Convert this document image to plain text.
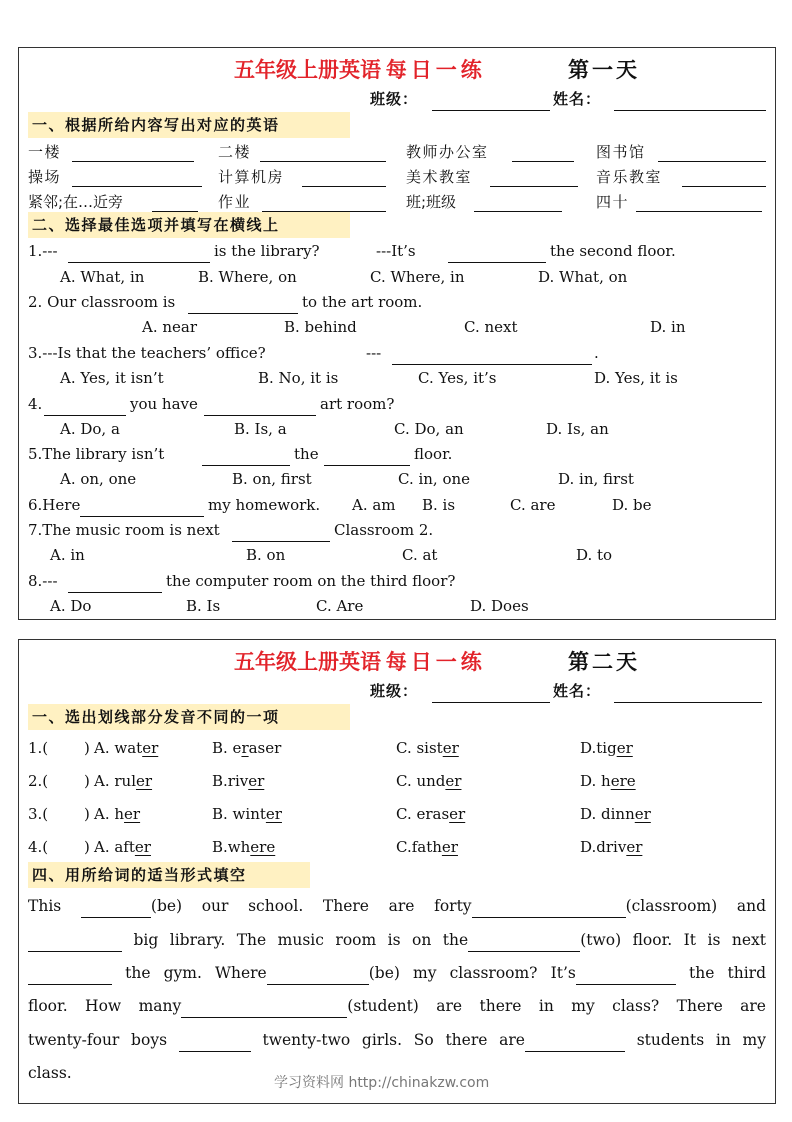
五年级上册英语 每日一练	第一天
班级：	姓名：
一、根据所给内容写出对应的英语
一楼	二楼	教师办公室	图书馆
操场	计算机房	美术教室	音乐教室
紧邻;在…近旁	作业	班;班级	四十
二、选择最佳选项并填写在横线上
1.---	is the library?	---It’s	the second floor.
A. What, in	B. Where, on	C. Where, in	D. What, on
2. Our classroom is	to the art room.
A. near	B. behind	C. next	D. in
3.---Is that the teachers’ office?	---	.
A. Yes, it isn’t	B. No, it is	C. Yes, it’s	D. Yes, it is
4.	you have	art room?
A. Do, a	B. Is, a	C. Do, an	D. Is, an
5.The library isn’t	the	floor.
A. on, one	B. on, first	C. in, one	D. in, first
6.Here	my homework. A. am B. is	C. are	D. be
7.The music room is next	Classroom 2.
A. in	B. on	C. at	D. to
8.---	the computer room on the third floor?
A. Do	B. Is	C. Are	D. Does
五年级上册英语 每日一练	第二天
班级：	姓名：
一、选出划线部分发音不同的一项
1.( ) A. water	B. eraser	C. sister	D.tiger
2.( ) A. ruler	B.river	C. under	D. here
3.( ) A. her	B. winter	C. eraser	D. dinner
4.( ) A. after	B.where	C.father	D.driver
四、用所给词的适当形式填空
This	(be) our school. There are forty	(classroom) and
big library. The music room is on the	(two) floor. It is next
the gym. Where	(be) my classroom? It’s	the third
floor. How many	(student) are there in my class? There are
twenty-four boys	twenty-two girls. So there are	students in my
class.
学习资料网 http://chinakzw.com
